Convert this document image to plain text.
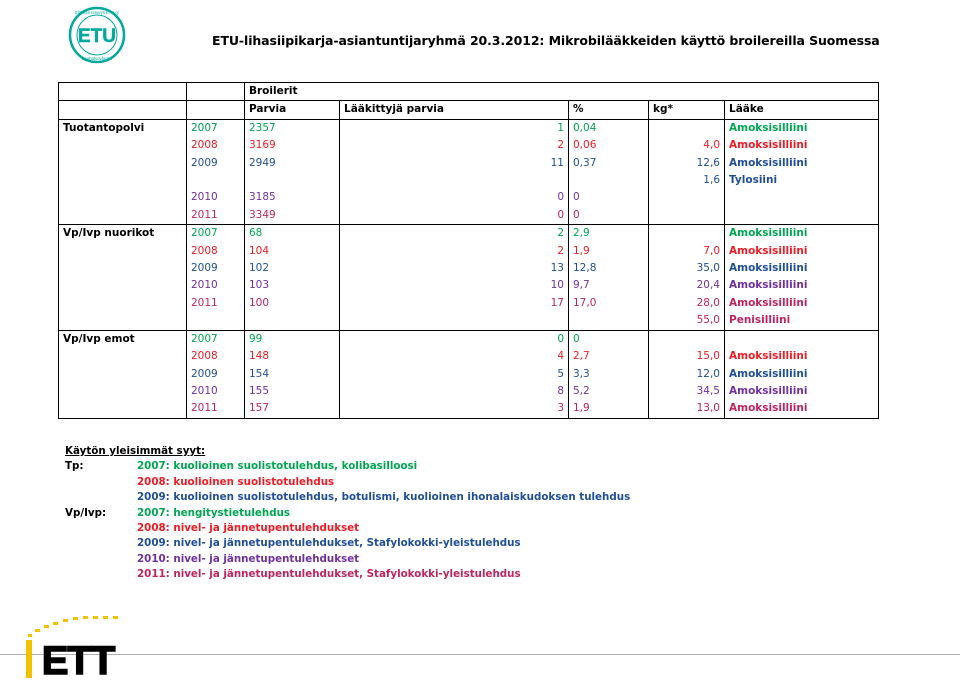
ETU
Eläinten terveys ETU ry
Djurhälsovården
ETU-lihasiipikarja-asiantuntijaryhmä 20.3.2012: Mikrobilääkkeiden käyttö broilereilla Suomessa
		Broilerit				
		Parvia	Lääkittyjä parvia	%	kg*	Lääke
Tuotantopolvi	2007	2357	1	0,04		Amoksisilliini
	2008	3169	2	0,06	4,0	Amoksisilliini
	2009	2949	11	0,37	12,6	Amoksisilliini
					1,6	Tylosiini
	2010	3185	0	0		
	2011	3349	0	0		
Vp/Ivp nuorikot	2007	68	2	2,9		Amoksisilliini
	2008	104	2	1,9	7,0	Amoksisilliini
	2009	102	13	12,8	35,0	Amoksisilliini
	2010	103	10	9,7	20,4	Amoksisilliini
	2011	100	17	17,0	28,0	Amoksisilliini
					55,0	Penisilliini
Vp/Ivp emot	2007	99	0	0		
	2008	148	4	2,7	15,0	Amoksisilliini
	2009	154	5	3,3	12,0	Amoksisilliini
	2010	155	8	5,2	34,5	Amoksisilliini
	2011	157	3	1,9	13,0	Amoksisilliini
Käytön yleisimmät syyt:
Tp:	2007: kuolioinen suolistotulehdus, kolibasilloosi
2008: kuolioinen suolistotulehdus
2009: kuolioinen suolistotulehdus, botulismi, kuolioinen ihonalaiskudoksen tulehdus
Vp/Ivp:	2007: hengitystietulehdus
2008: nivel- ja jännetupentulehdukset
2009: nivel- ja jännetupentulehdukset, Stafylokokki-yleistulehdus
2010: nivel- ja jännetupentulehdukset
2011: nivel- ja jännetupentulehdukset, Stafylokokki-yleistulehdus
ETT
